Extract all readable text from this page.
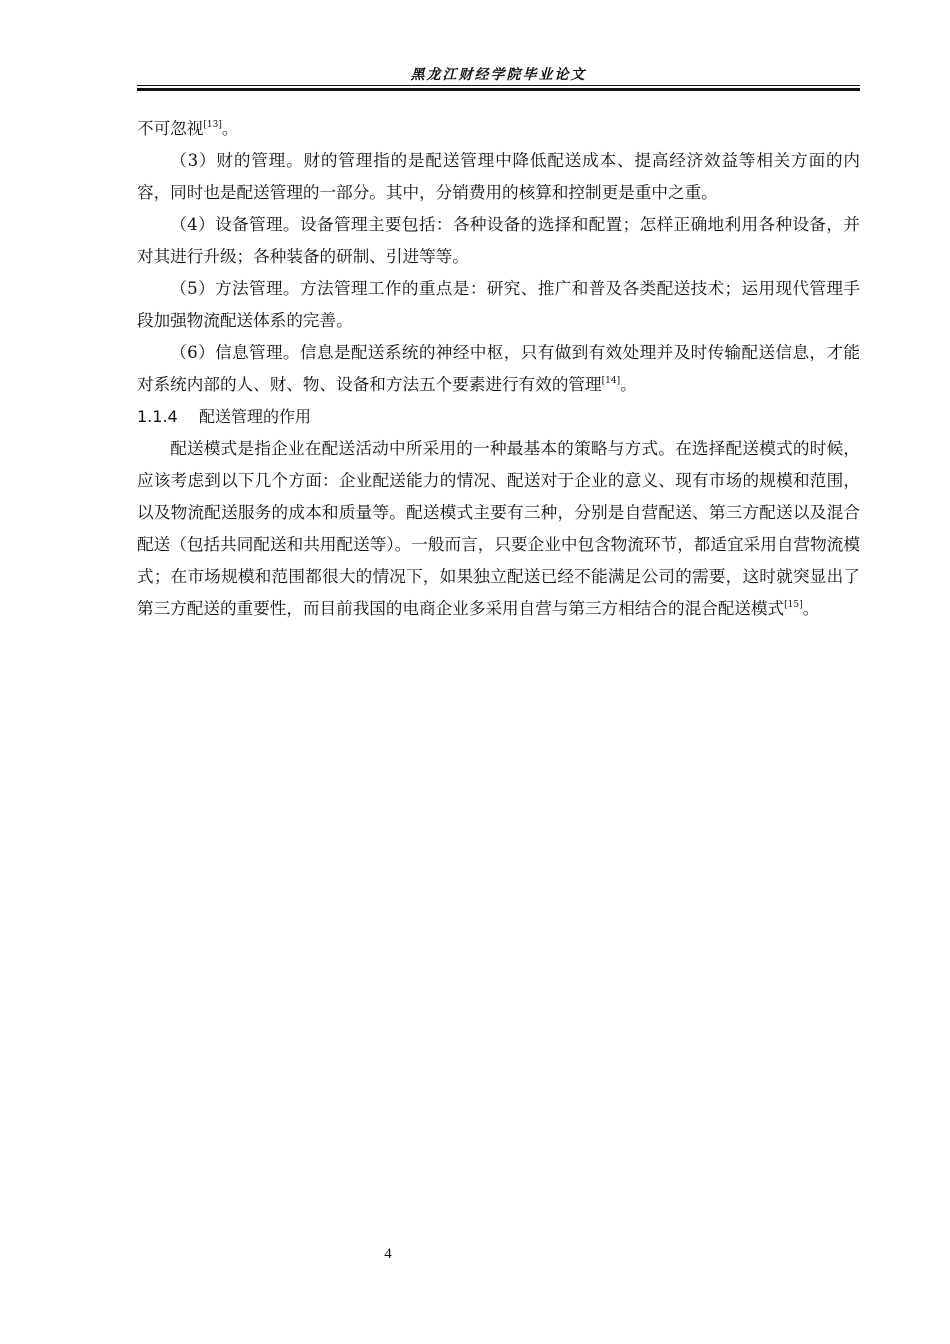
黑龙江财经学院毕业论文

不可忽视[13]。

（3）财的管理。财的管理指的是配送管理中降低配送成本、提高经济效益等相关方面的内容，同时也是配送管理的一部分。其中，分销费用的核算和控制更是重中之重。

（4）设备管理。设备管理主要包括：各种设备的选择和配置；怎样正确地利用各种设备，并对其进行升级；各种装备的研制、引进等等。

（5）方法管理。方法管理工作的重点是：研究、推广和普及各类配送技术；运用现代管理手段加强物流配送体系的完善。

（6）信息管理。信息是配送系统的神经中枢，只有做到有效处理并及时传输配送信息，才能对系统内部的人、财、物、设备和方法五个要素进行有效的管理[14]。

1.1.4 配送管理的作用

配送模式是指企业在配送活动中所采用的一种最基本的策略与方式。在选择配送模式的时候，应该考虑到以下几个方面：企业配送能力的情况、配送对于企业的意义、现有市场的规模和范围，以及物流配送服务的成本和质量等。配送模式主要有三种，分别是自营配送、第三方配送以及混合配送（包括共同配送和共用配送等）。一般而言，只要企业中包含物流环节，都适宜采用自营物流模式；在市场规模和范围都很大的情况下，如果独立配送已经不能满足公司的需要，这时就突显出了第三方配送的重要性，而目前我国的电商企业多采用自营与第三方相结合的混合配送模式[15]。

4
